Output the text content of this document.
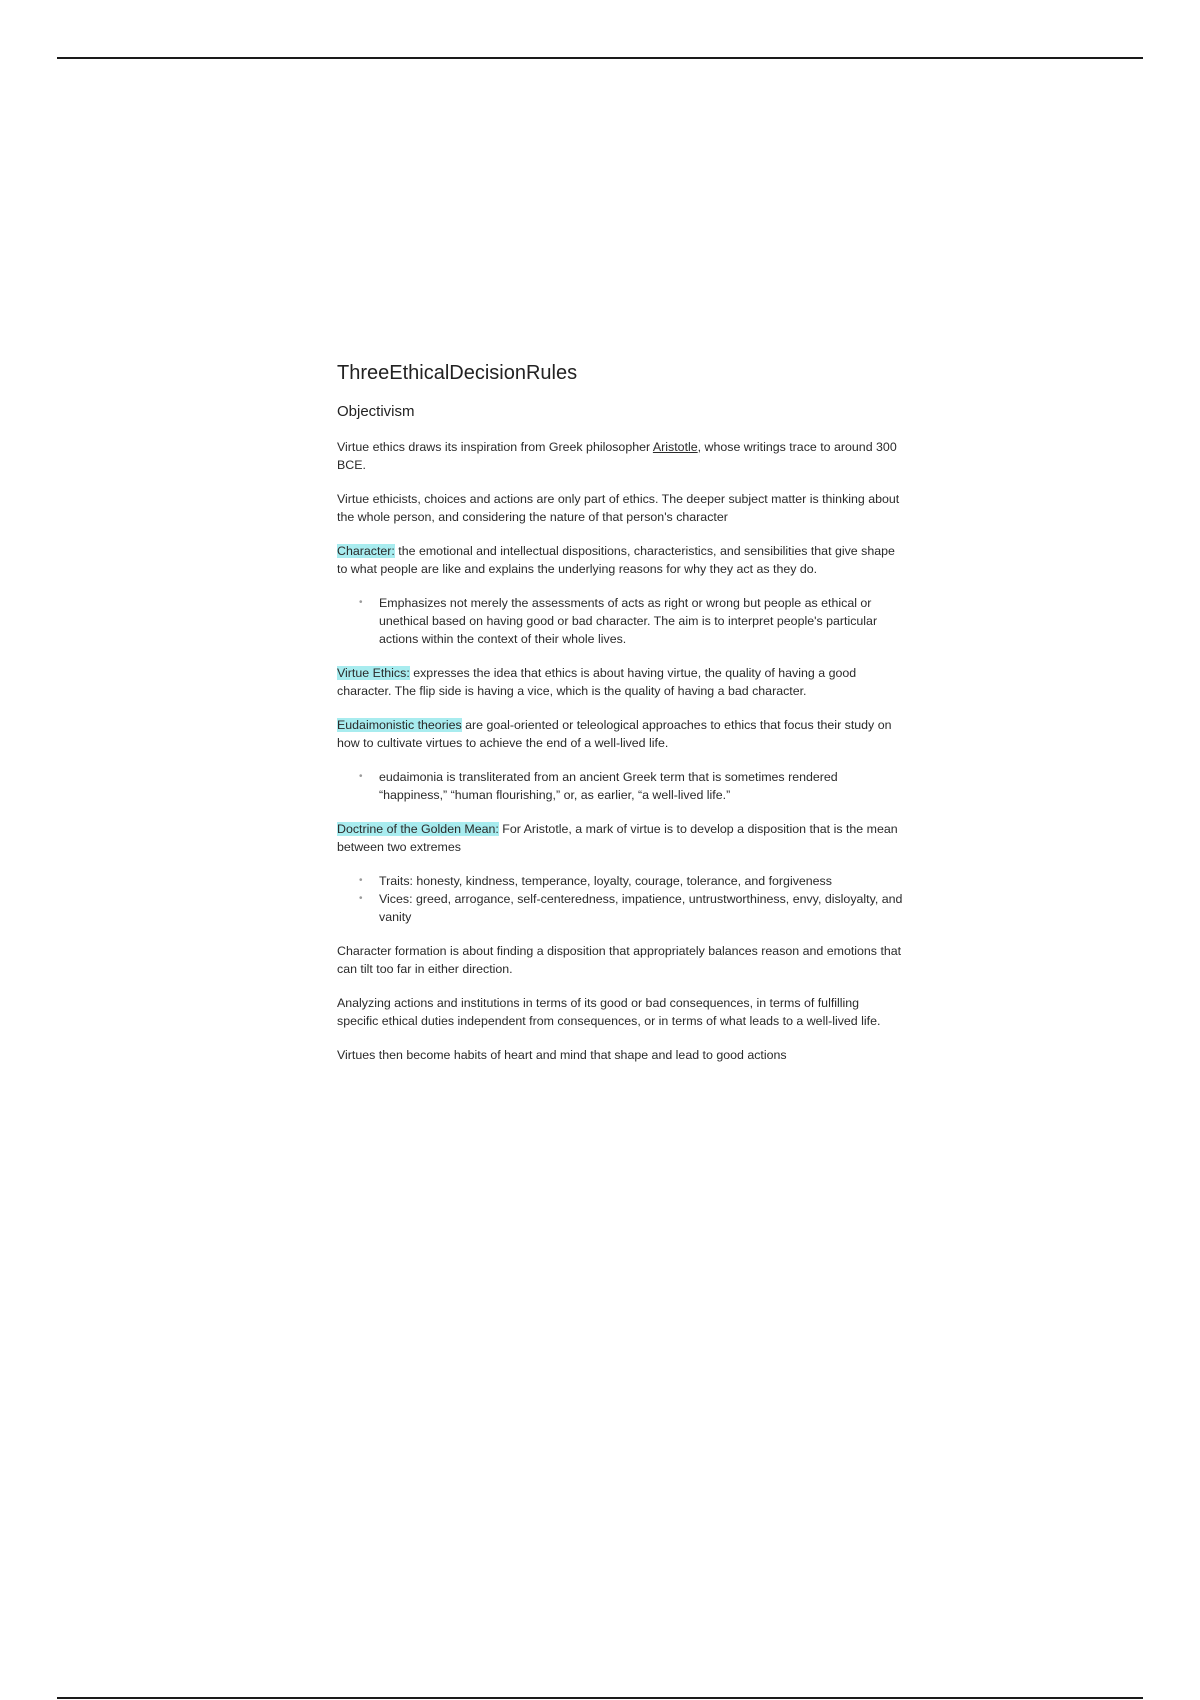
ThreeEthicalDecisionRules
Objectivism

Virtue ethics draws its inspiration from Greek philosopher Aristotle, whose writings trace to around 300 BCE.

Virtue ethicists, choices and actions are only part of ethics. The deeper subject matter is thinking about the whole person, and considering the nature of that person's character

Character: the emotional and intellectual dispositions, characteristics, and sensibilities that give shape to what people are like and explains the underlying reasons for why they act as they do.

• Emphasizes not merely the assessments of acts as right or wrong but people as ethical or unethical based on having good or bad character. The aim is to interpret people's particular actions within the context of their whole lives.

Virtue Ethics: expresses the idea that ethics is about having virtue, the quality of having a good character. The flip side is having a vice, which is the quality of having a bad character.

Eudaimonistic theories are goal-oriented or teleological approaches to ethics that focus their study on how to cultivate virtues to achieve the end of a well-lived life.

• eudaimonia is transliterated from an ancient Greek term that is sometimes rendered “happiness,” “human flourishing,” or, as earlier, “a well-lived life.”

Doctrine of the Golden Mean: For Aristotle, a mark of virtue is to develop a disposition that is the mean between two extremes

• Traits: honesty, kindness, temperance, loyalty, courage, tolerance, and forgiveness
• Vices: greed, arrogance, self-centeredness, impatience, untrustworthiness, envy, disloyalty, and vanity

Character formation is about finding a disposition that appropriately balances reason and emotions that can tilt too far in either direction.

Analyzing actions and institutions in terms of its good or bad consequences, in terms of fulfilling specific ethical duties independent from consequences, or in terms of what leads to a well-lived life.

Virtues then become habits of heart and mind that shape and lead to good actions
